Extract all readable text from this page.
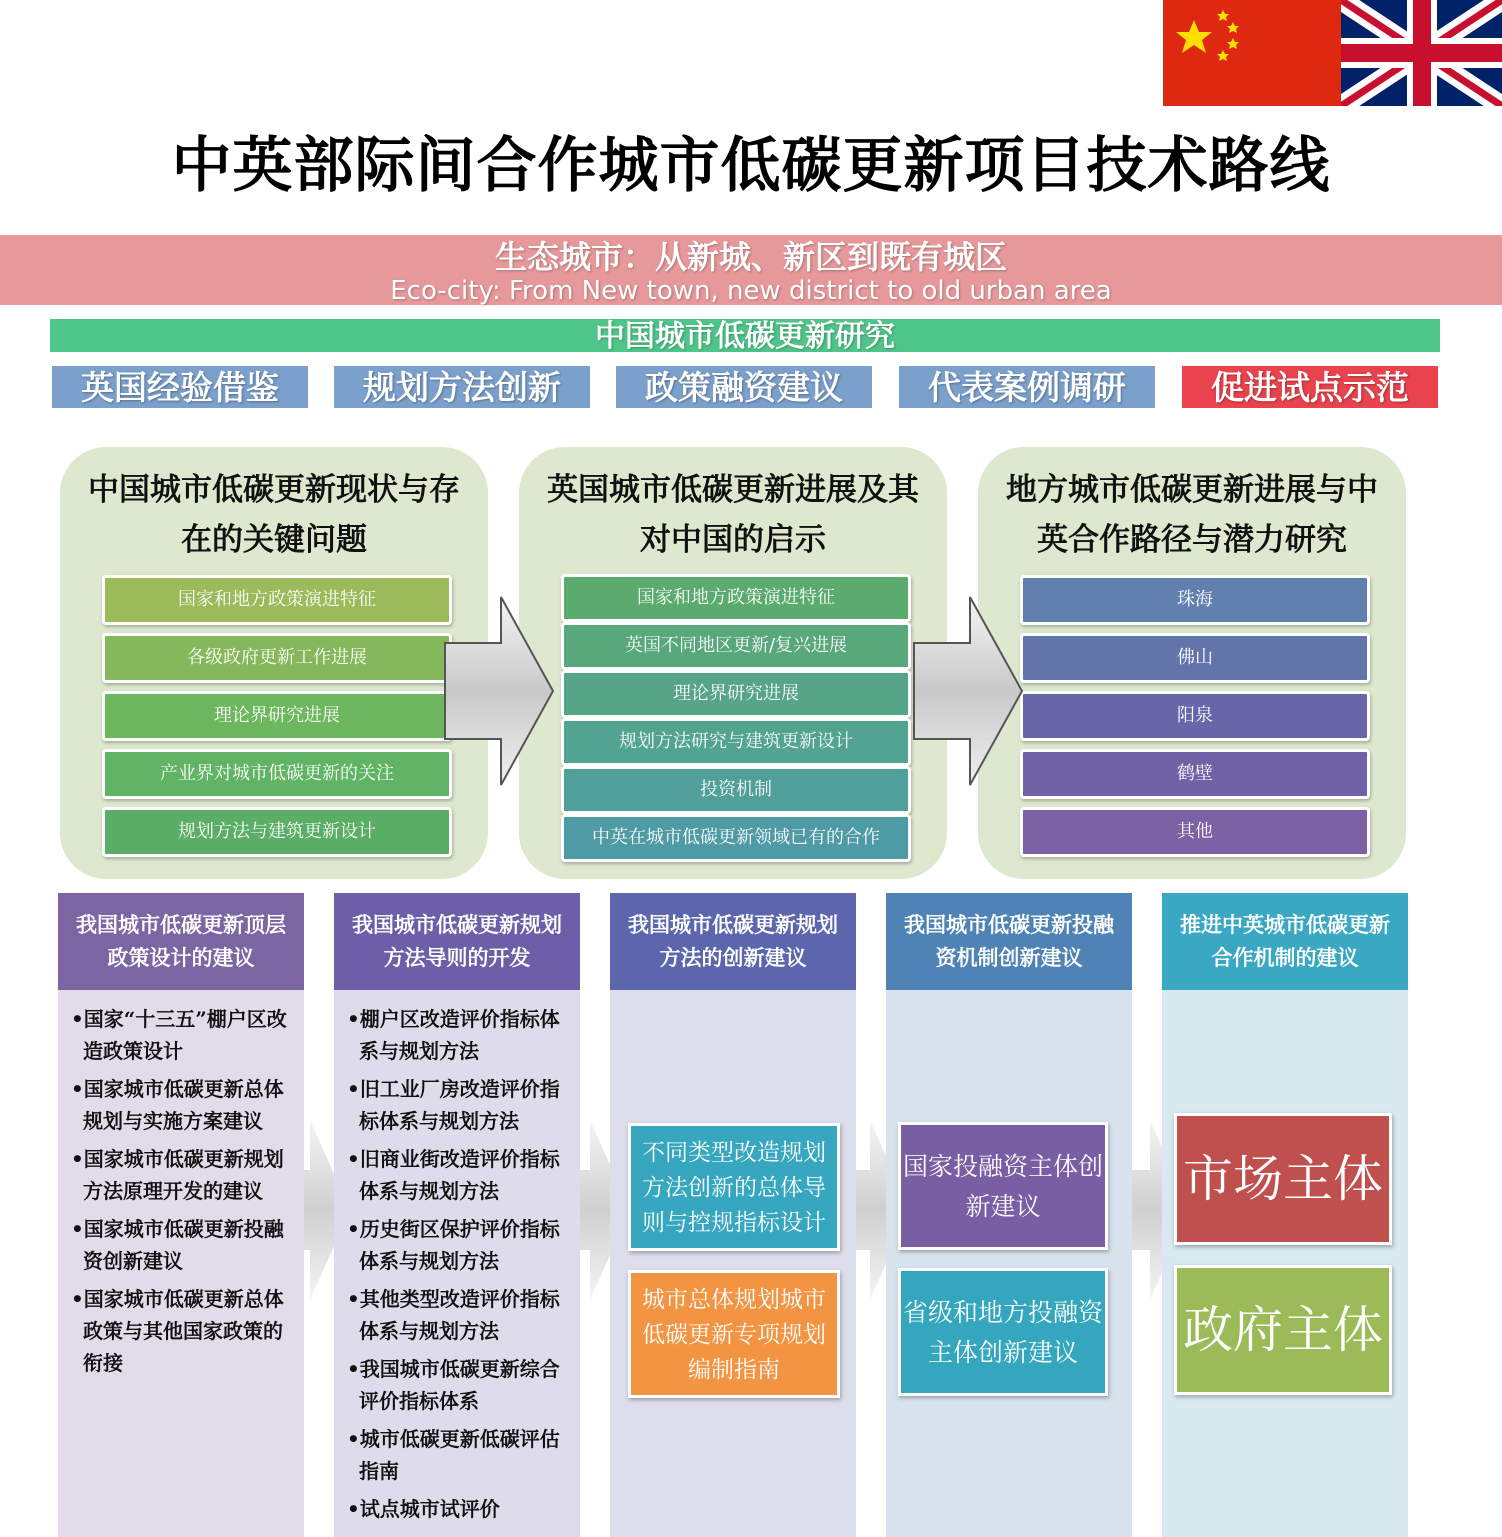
中英部际间合作城市低碳更新项目技术路线
生态城市：从新城、新区到既有城区
Eco-city: From New town, new district to old urban area
中国城市低碳更新研究
英国经验借鉴	规划方法创新	政策融资建议	代表案例调研	促进试点示范
中国城市低碳更新现状与存
在的关键问题
国家和地方政策演进特征
各级政府更新工作进展
理论界研究进展
产业界对城市低碳更新的关注
规划方法与建筑更新设计
英国城市低碳更新进展及其
对中国的启示
国家和地方政策演进特征
英国不同地区更新/复兴进展
理论界研究进展
规划方法研究与建筑更新设计
投资机制
中英在城市低碳更新领域已有的合作
地方城市低碳更新进展与中
英合作路径与潜力研究
珠海
佛山
阳泉
鹤壁
其他
我国城市低碳更新顶层
政策设计的建议
•国家“十三五”棚户区改造政策设计
•国家城市低碳更新总体规划与实施方案建议
•国家城市低碳更新规划方法原理开发的建议
•国家城市低碳更新投融资创新建议
•国家城市低碳更新总体政策与其他国家政策的衔接
我国城市低碳更新规划
方法导则的开发
•棚户区改造评价指标体系与规划方法
•旧工业厂房改造评价指标体系与规划方法
•旧商业街改造评价指标体系与规划方法
•历史街区保护评价指标体系与规划方法
•其他类型改造评价指标体系与规划方法
•我国城市低碳更新综合评价指标体系
•城市低碳更新低碳评估指南
•试点城市试评价
我国城市低碳更新规划
方法的创新建议
不同类型改造规划方法创新的总体导则与控规指标设计
城市总体规划城市低碳更新专项规划编制指南
我国城市低碳更新投融
资机制创新建议
国家投融资主体创新建议
省级和地方投融资主体创新建议
推进中英城市低碳更新
合作机制的建议
市场主体
政府主体
